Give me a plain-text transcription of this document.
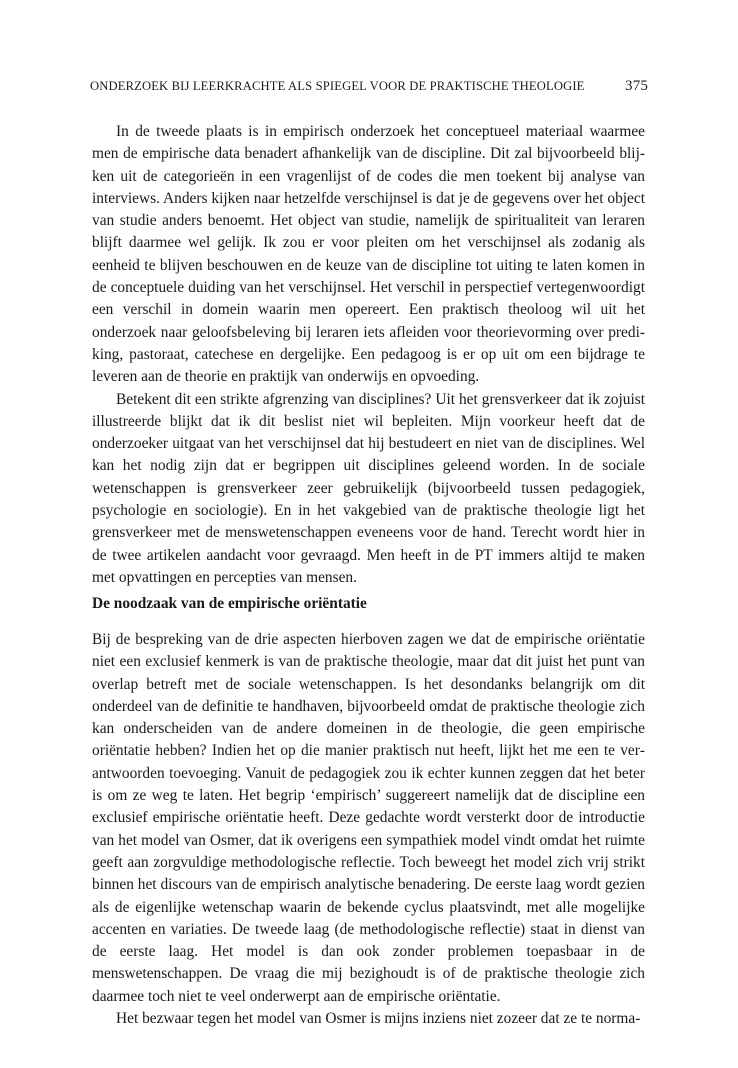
ONDERZOEK BIJ LEERKRACHTE ALS SPIEGEL VOOR DE PRAKTISCHE THEOLOGIE	375

In de tweede plaats is in empirisch onderzoek het conceptueel materiaal waarmee men de empirische data benadert afhankelijk van de discipline. Dit zal bijvoorbeeld blijken uit de categorieën in een vragenlijst of de codes die men toekent bij analyse van interviews. Anders kijken naar hetzelfde verschijnsel is dat je de gegevens over het object van studie anders benoemt. Het object van studie, namelijk de spiritualiteit van leraren blijft daarmee wel gelijk. Ik zou er voor pleiten om het verschijnsel als zodanig als eenheid te blijven beschouwen en de keuze van de discipline tot uiting te laten komen in de conceptuele duiding van het verschijnsel. Het verschil in perspectief vertegenwoordigt een verschil in domein waarin men opereert. Een praktisch theoloog wil uit het onderzoek naar geloofsbeleving bij leraren iets afleiden voor theorievorming over prediking, pastoraat, catechese en dergelijke. Een pedagoog is er op uit om een bijdrage te leveren aan de theorie en praktijk van onderwijs en opvoeding.

Betekent dit een strikte afgrenzing van disciplines? Uit het grensverkeer dat ik zojuist illustreerde blijkt dat ik dit beslist niet wil bepleiten. Mijn voorkeur heeft dat de onderzoeker uitgaat van het verschijnsel dat hij bestudeert en niet van de disciplines. Wel kan het nodig zijn dat er begrippen uit disciplines geleend worden. In de sociale wetenschappen is grensverkeer zeer gebruikelijk (bijvoorbeeld tussen pedagogiek, psychologie en sociologie). En in het vakgebied van de praktische theologie ligt het grensverkeer met de menswetenschappen eveneens voor de hand. Terecht wordt hier in de twee artikelen aandacht voor gevraagd. Men heeft in de PT immers altijd te maken met opvattingen en percepties van mensen.

De noodzaak van de empirische oriëntatie

Bij de bespreking van de drie aspecten hierboven zagen we dat de empirische oriëntatie niet een exclusief kenmerk is van de praktische theologie, maar dat dit juist het punt van overlap betreft met de sociale wetenschappen. Is het desondanks belangrijk om dit onderdeel van de definitie te handhaven, bijvoorbeeld omdat de praktische theologie zich kan onderscheiden van de andere domeinen in de theologie, die geen empirische oriëntatie hebben? Indien het op die manier praktisch nut heeft, lijkt het me een te verantwoorden toevoeging. Vanuit de pedagogiek zou ik echter kunnen zeggen dat het beter is om ze weg te laten. Het begrip ‘empirisch’ suggereert namelijk dat de discipline een exclusief empirische oriëntatie heeft. Deze gedachte wordt versterkt door de introductie van het model van Osmer, dat ik overigens een sympathiek model vindt omdat het ruimte geeft aan zorgvuldige methodologische reflectie. Toch beweegt het model zich vrij strikt binnen het discours van de empirisch analytische benadering. De eerste laag wordt gezien als de eigenlijke wetenschap waarin de bekende cyclus plaatsvindt, met alle mogelijke accenten en variaties. De tweede laag (de methodologische reflectie) staat in dienst van de eerste laag. Het model is dan ook zonder problemen toepasbaar in de menswetenschappen. De vraag die mij bezighoudt is of de praktische theologie zich daarmee toch niet te veel onderwerpt aan de empirische oriëntatie.

Het bezwaar tegen het model van Osmer is mijns inziens niet zozeer dat ze te norma-
